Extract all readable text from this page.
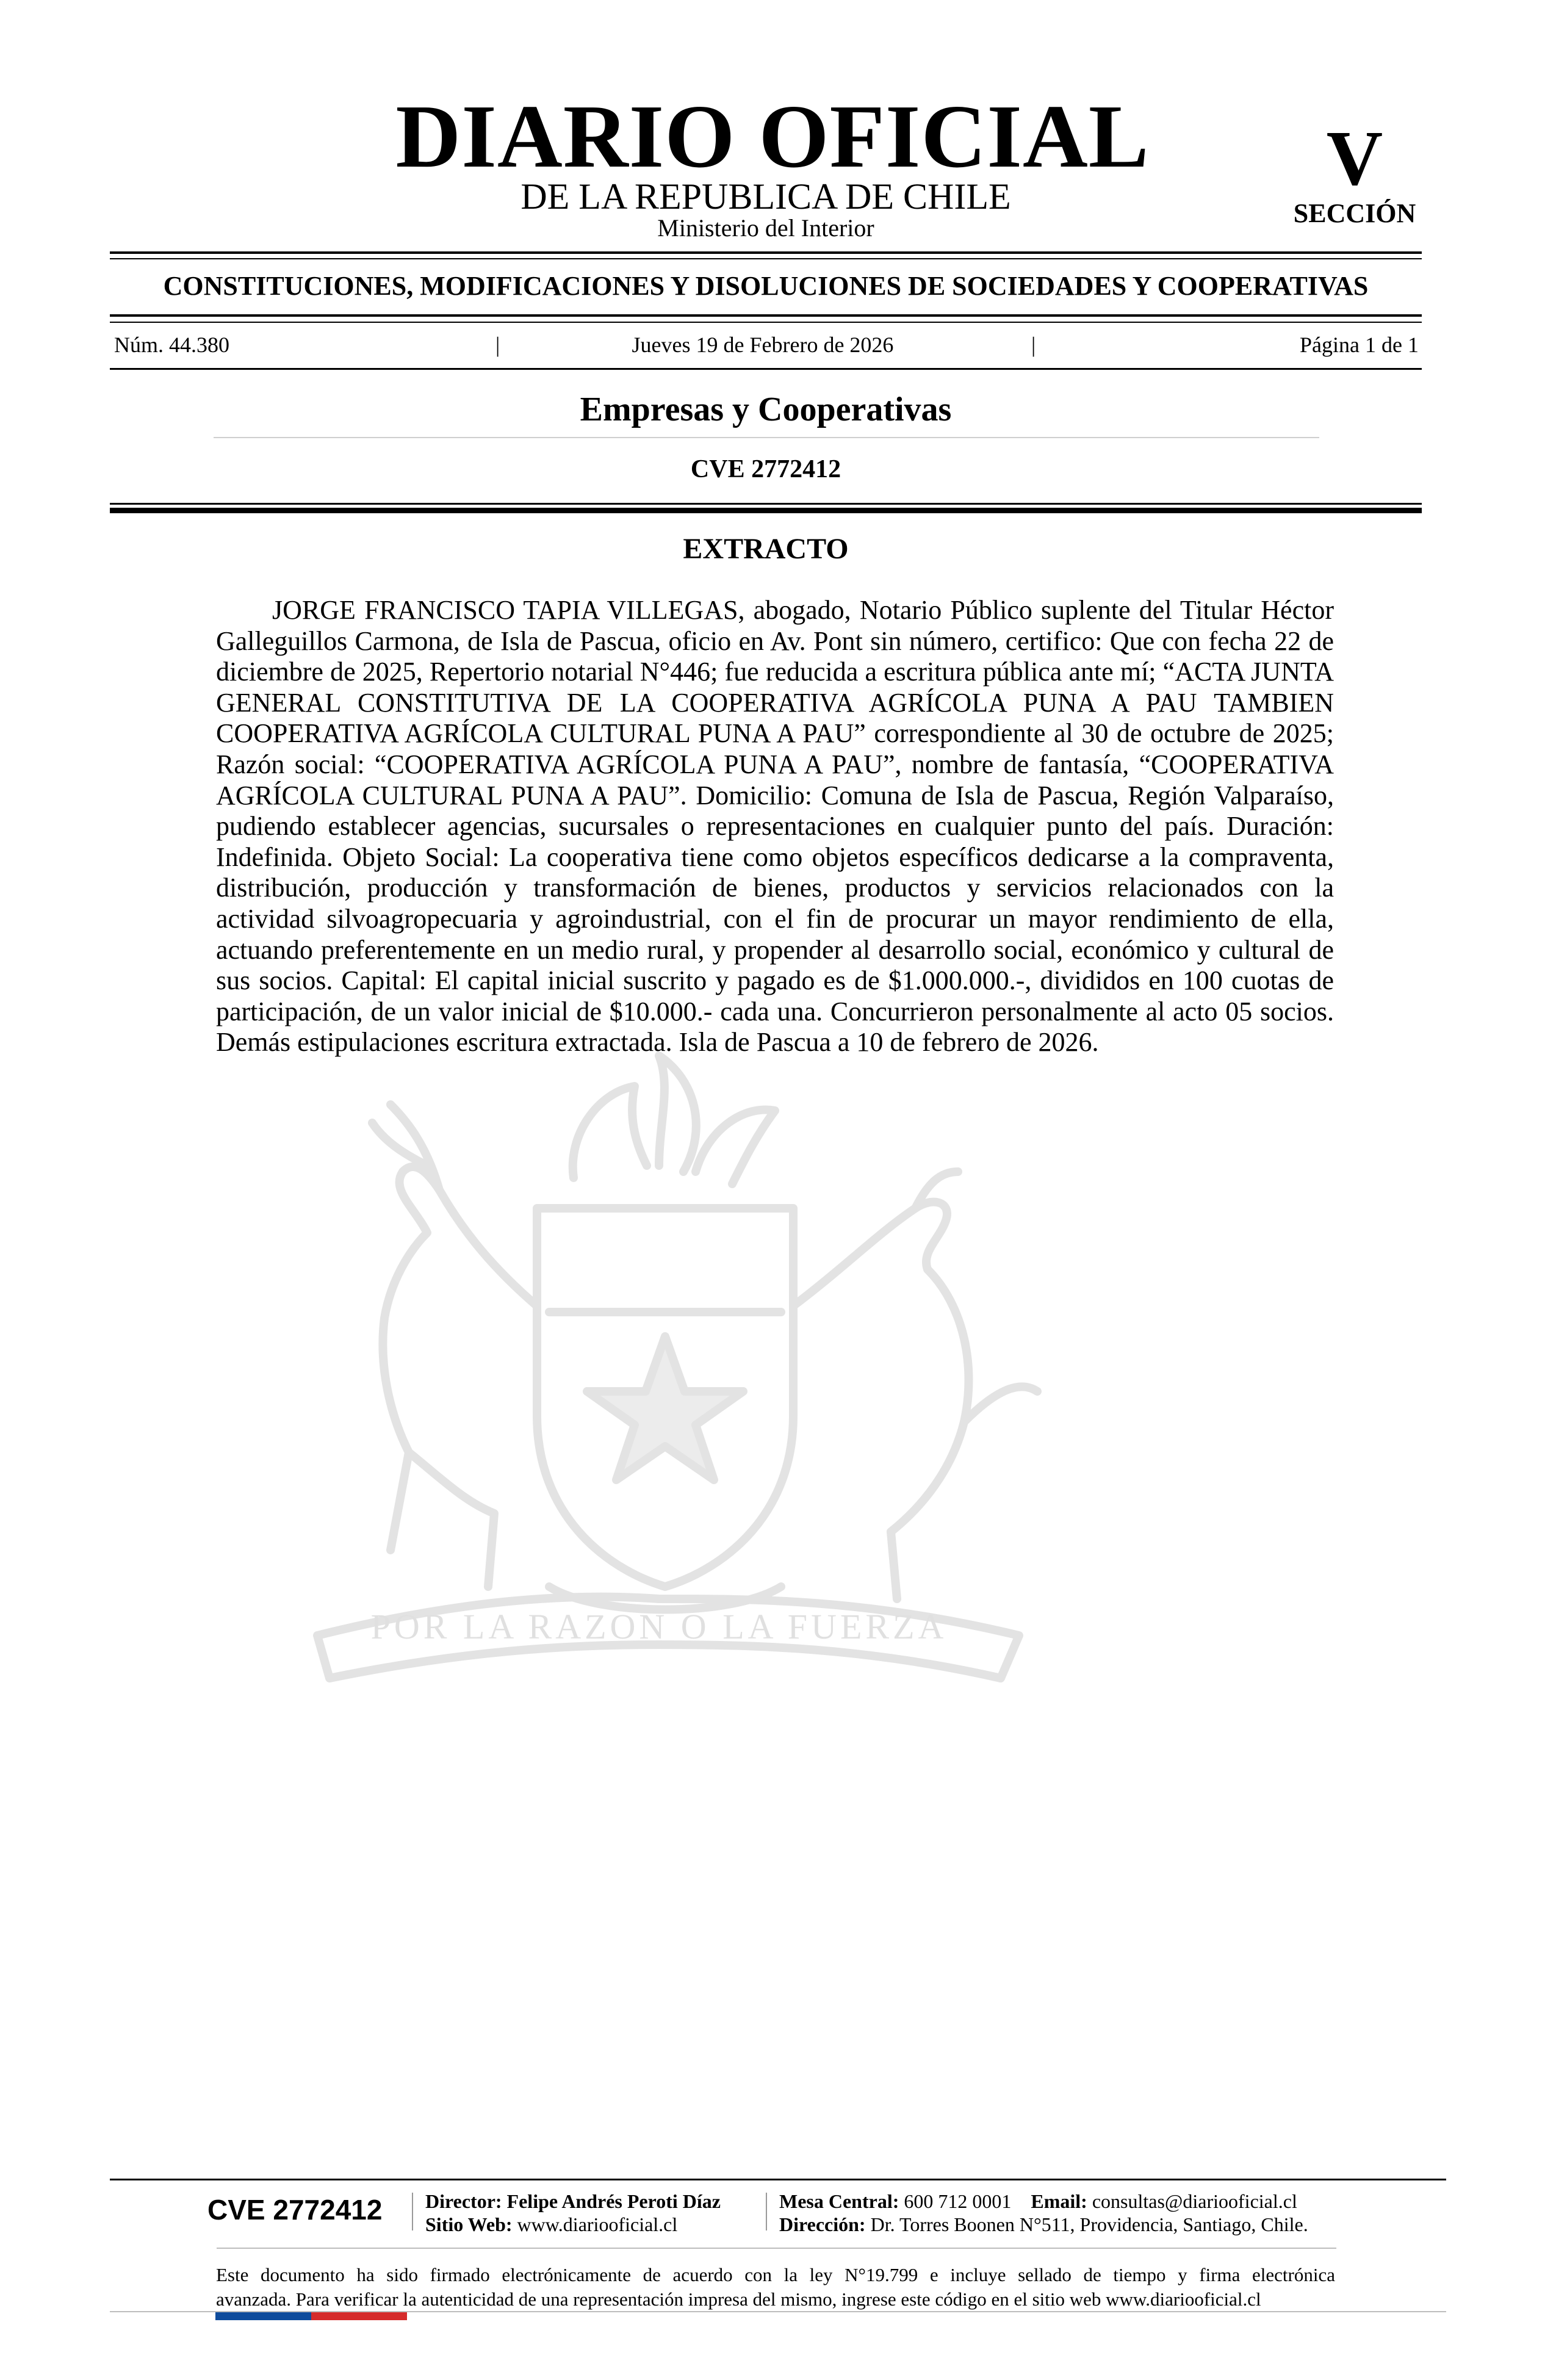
DIARIO OFICIAL
DE LA REPUBLICA DE CHILE
Ministerio del Interior
V
SECCIÓN
CONSTITUCIONES, MODIFICACIONES Y DISOLUCIONES DE SOCIEDADES Y COOPERATIVAS
Núm. 44.380	|	Jueves 19 de Febrero de 2026	|	Página 1 de 1
Empresas y Cooperativas
CVE 2772412
POR LA RAZON O LA FUERZA
EXTRACTO

JORGE FRANCISCO TAPIA VILLEGAS, abogado, Notario Público suplente del Titular Héctor Galleguillos Carmona, de Isla de Pascua, oficio en Av. Pont sin número, certifico: Que con fecha 22 de diciembre de 2025, Repertorio notarial N°446; fue reducida a escritura pública ante mí; “ACTA JUNTA GENERAL CONSTITUTIVA DE LA COOPERATIVA AGRÍCOLA PUNA A PAU TAMBIEN COOPERATIVA AGRÍCOLA CULTURAL PUNA A PAU” correspondiente al 30 de octubre de 2025; Razón social: “COOPERATIVA AGRÍCOLA PUNA A PAU”, nombre de fantasía, “COOPERATIVA AGRÍCOLA CULTURAL PUNA A PAU”. Domicilio: Comuna de Isla de Pascua, Región Valparaíso, pudiendo establecer agencias, sucursales o representaciones en cualquier punto del país. Duración: Indefinida. Objeto Social: La cooperativa tiene como objetos específicos dedicarse a la compraventa, distribución, producción y transformación de bienes, productos y servicios relacionados con la actividad silvoagropecuaria y agroindustrial, con el fin de procurar un mayor rendimiento de ella, actuando preferentemente en un medio rural, y propender al desarrollo social, económico y cultural de sus socios. Capital: El capital inicial suscrito y pagado es de $1.000.000.-, divididos en 100 cuotas de participación, de un valor inicial de $10.000.- cada una. Concurrieron personalmente al acto 05 socios. Demás estipulaciones escritura extractada. Isla de Pascua a 10 de febrero de 2026.

CVE 2772412 Director: Felipe Andrés Peroti Díaz
Sitio Web: www.diariooficial.cl
Mesa Central: 600 712 0001 Email: consultas@diariooficial.cl
Dirección: Dr. Torres Boonen N°511, Providencia, Santiago, Chile.
Este documento ha sido firmado electrónicamente de acuerdo con la ley N°19.799 e incluye sellado de tiempo y firma electrónica
avanzada. Para verificar la autenticidad de una representación impresa del mismo, ingrese este código en el sitio web www.diariooficial.cl
